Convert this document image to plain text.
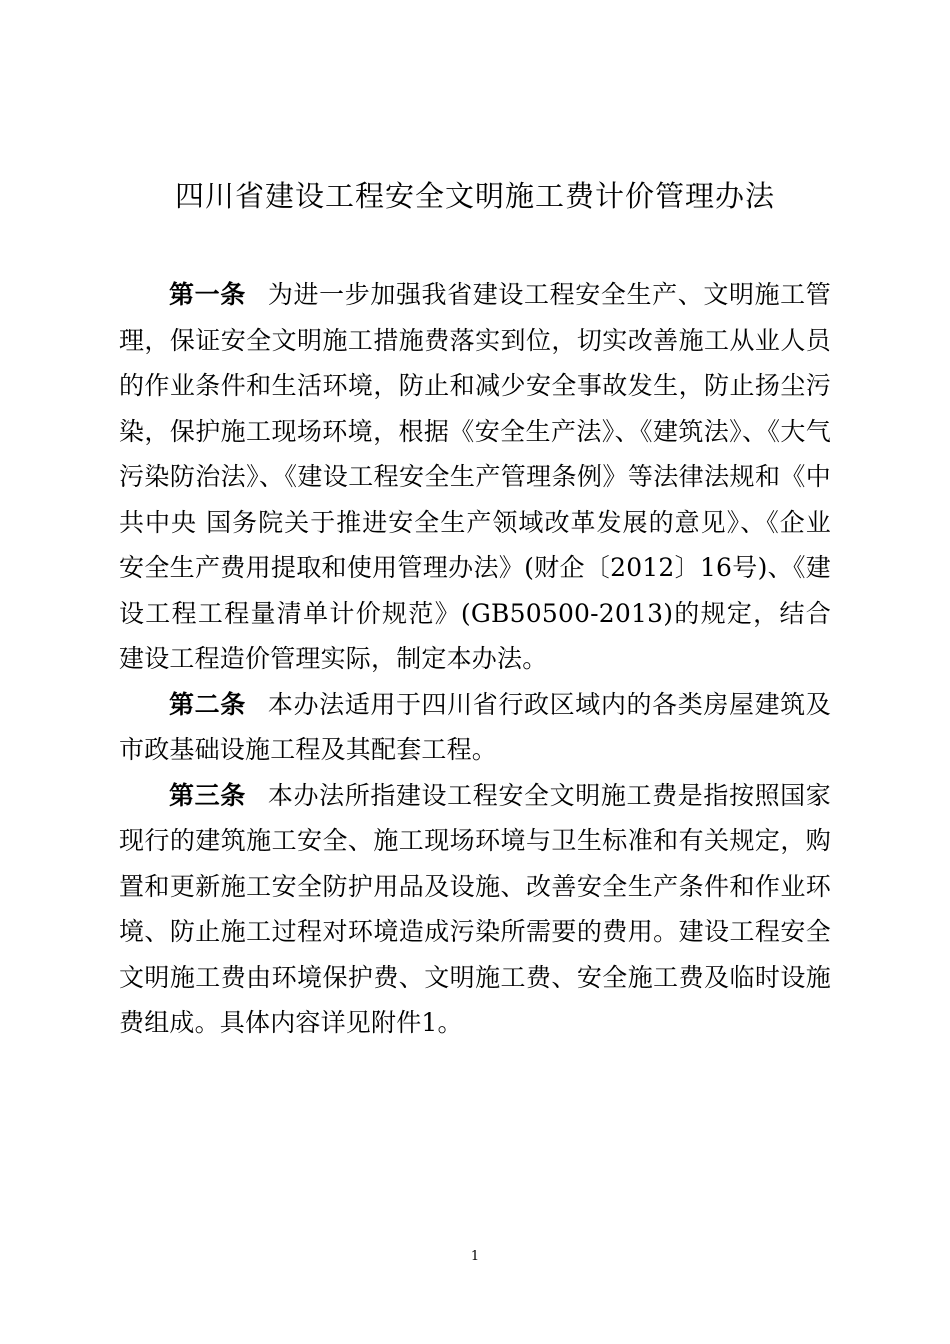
四川省建设工程安全文明施工费计价管理办法

第一条 为进一步加强我省建设工程安全生产、文明施工管理，保证安全文明施工措施费落实到位，切实改善施工从业人员的作业条件和生活环境，防止和减少安全事故发生，防止扬尘污染，保护施工现场环境，根据《安全生产法》、《建筑法》、《大气污染防治法》、《建设工程安全生产管理条例》等法律法规和《中共中央 国务院关于推进安全生产领域改革发展的意见》、《企业安全生产费用提取和使用管理办法》(财企〔2012〕16号)、《建设工程工程量清单计价规范》(GB50500-2013)的规定，结合建设工程造价管理实际，制定本办法。

第二条 本办法适用于四川省行政区域内的各类房屋建筑及市政基础设施工程及其配套工程。

第三条 本办法所指建设工程安全文明施工费是指按照国家现行的建筑施工安全、施工现场环境与卫生标准和有关规定，购置和更新施工安全防护用品及设施、改善安全生产条件和作业环境、防止施工过程对环境造成污染所需要的费用。建设工程安全文明施工费由环境保护费、文明施工费、安全施工费及临时设施费组成。具体内容详见附件1。

1
